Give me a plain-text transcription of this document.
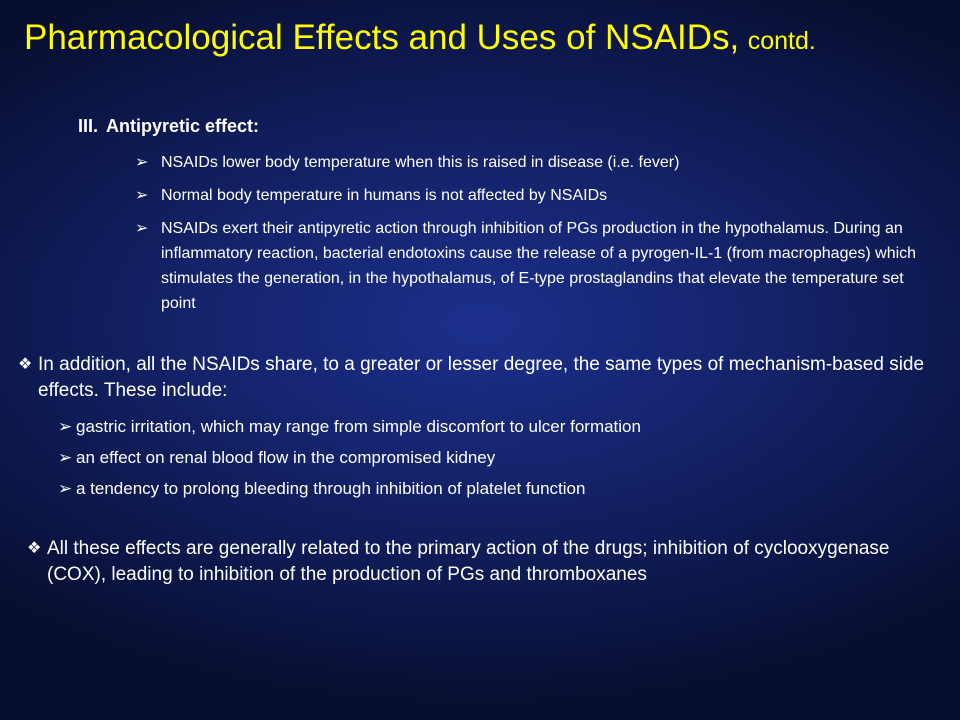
Pharmacological Effects and Uses of NSAIDs, contd.
III. Antipyretic effect:
➢ NSAIDs lower body temperature when this is raised in disease (i.e. fever)
➢ Normal body temperature in humans is not affected by NSAIDs
➢ NSAIDs exert their antipyretic action through inhibition of PGs production in the hypothalamus. During an inflammatory reaction, bacterial endotoxins cause the release of a pyrogen-IL-1 (from macrophages) which stimulates the generation, in the hypothalamus, of E-type prostaglandins that elevate the temperature set point
❖ In addition, all the NSAIDs share, to a greater or lesser degree, the same types of mechanism-based side effects. These include:
➢ gastric irritation, which may range from simple discomfort to ulcer formation
➢ an effect on renal blood flow in the compromised kidney
➢ a tendency to prolong bleeding through inhibition of platelet function
❖ All these effects are generally related to the primary action of the drugs; inhibition of cyclooxygenase (COX), leading to inhibition of the production of PGs and thromboxanes
